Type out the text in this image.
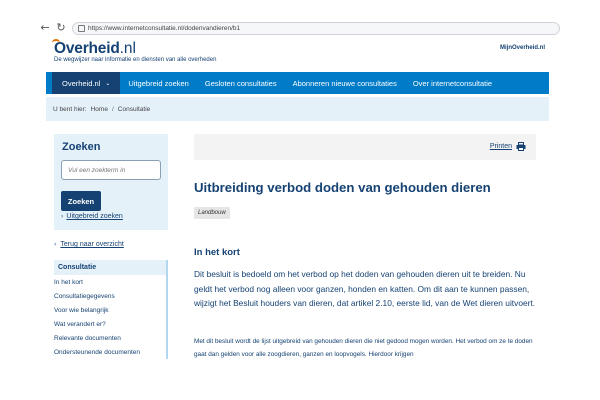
← ↻	https://www.internetconsultatie.nl/dodenvandieren/b1
Overheid .nl
De wegwijzer naar informatie en diensten van alle overheden
MijnOverheid.nl
Overheid.nl ⌄	Uitgebreid zoeken	Gesloten consultaties	Abonneren nieuwe consultaties	Over internetconsultatie
U bent hier: Home / Consultatie
Zoeken
Vul een zoekterm in
Zoeken
› Uitgebreid zoeken
‹ Terug naar overzicht
Consultatie
In het kort
Consultatiegegevens
Voor wie belangrijk
Wat verandert er?
Relevante documenten
Ondersteunende documenten
Printen
Uitbreiding verbod doden van gehouden dieren
Landbouw
In het kort

Dit besluit is bedoeld om het verbod op het doden van gehouden dieren uit te breiden. Nu geldt het verbod nog alleen voor ganzen, honden en katten. Om dit aan te kunnen passen, wijzigt het Besluit houders van dieren, dat artikel 2.10, eerste lid, van de Wet dieren uitvoert.

Met dit besluit wordt de lijst uitgebreid van gehouden dieren die niet gedood mogen worden. Het verbod om ze te doden gaat dan gelden voor alle zoogdieren, ganzen en loopvogels. Hierdoor krijgen
